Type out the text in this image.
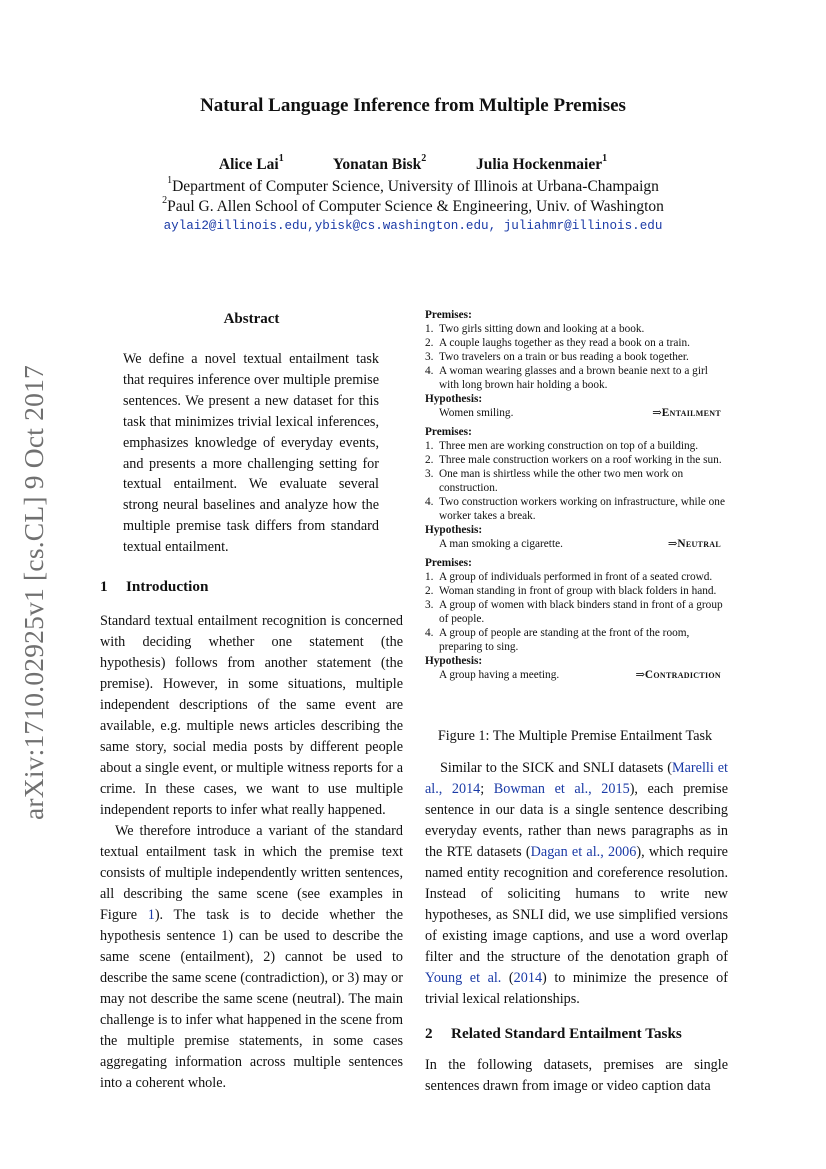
Natural Language Inference from Multiple Premises
Alice Lai$^1$	Yonatan Bisk$^2$	Julia Hockenmaier$^1$
$^1$Department of Computer Science, University of Illinois at Urbana-Champaign
$^2$Paul G. Allen School of Computer Science & Engineering, Univ. of Washington
aylai2@illinois.edu,ybisk@cs.washington.edu, juliahmr@illinois.edu
arXiv:1710.02925v1 [cs.CL] 9 Oct 2017
Abstract
We define a novel textual entailment task that requires inference over multiple premise sentences. We present a new dataset for this task that minimizes trivial lexical inferences, emphasizes knowledge of everyday events, and presents a more challenging setting for textual entailment. We evaluate several strong neural baselines and analyze how the multiple premise task differs from standard textual entailment.
1 Introduction

Standard textual entailment recognition is concerned with deciding whether one statement (the hypothesis) follows from another statement (the premise). However, in some situations, multiple independent descriptions of the same event are available, e.g. multiple news articles describing the same story, social media posts by different people about a single event, or multiple witness reports for a crime. In these cases, we want to use multiple independent reports to infer what really happened.

We therefore introduce a variant of the standard textual entailment task in which the premise text consists of multiple independently written sentences, all describing the same scene (see examples in Figure 1). The task is to decide whether the hypothesis sentence 1) can be used to describe the same scene (entailment), 2) cannot be used to describe the same scene (contradiction), or 3) may or may not describe the same scene (neutral). The main challenge is to infer what happened in the scene from the multiple premise statements, in some cases aggregating information across multiple sentences into a coherent whole.

Premises:
1. Two girls sitting down and looking at a book.
2. A couple laughs together as they read a book on a train.
3. Two travelers on a train or bus reading a book together.
4. A woman wearing glasses and a brown beanie next to a girl with long brown hair holding a book.
Hypothesis:
Women smiling.	⇒Entailment
Premises:
1. Three men are working construction on top of a building.
2. Three male construction workers on a roof working in the sun.
3. One man is shirtless while the other two men work on construction.
4. Two construction workers working on infrastructure, while one worker takes a break.
Hypothesis:
A man smoking a cigarette.	⇒Neutral
Premises:
1. A group of individuals performed in front of a seated crowd.
2. Woman standing in front of group with black folders in hand.
3. A group of women with black binders stand in front of a group of people.
4. A group of people are standing at the front of the room, preparing to sing.
Hypothesis:
A group having a meeting.	⇒Contradiction
Figure 1: The Multiple Premise Entailment Task

Similar to the SICK and SNLI datasets (Marelli et al., 2014; Bowman et al., 2015), each premise sentence in our data is a single sentence describing everyday events, rather than news paragraphs as in the RTE datasets (Dagan et al., 2006), which require named entity recognition and coreference resolution. Instead of soliciting humans to write new hypotheses, as SNLI did, we use simplified versions of existing image captions, and use a word overlap filter and the structure of the denotation graph of Young et al. (2014) to minimize the presence of trivial lexical relationships.

2 Related Standard Entailment Tasks

In the following datasets, premises are single sentences drawn from image or video caption data
